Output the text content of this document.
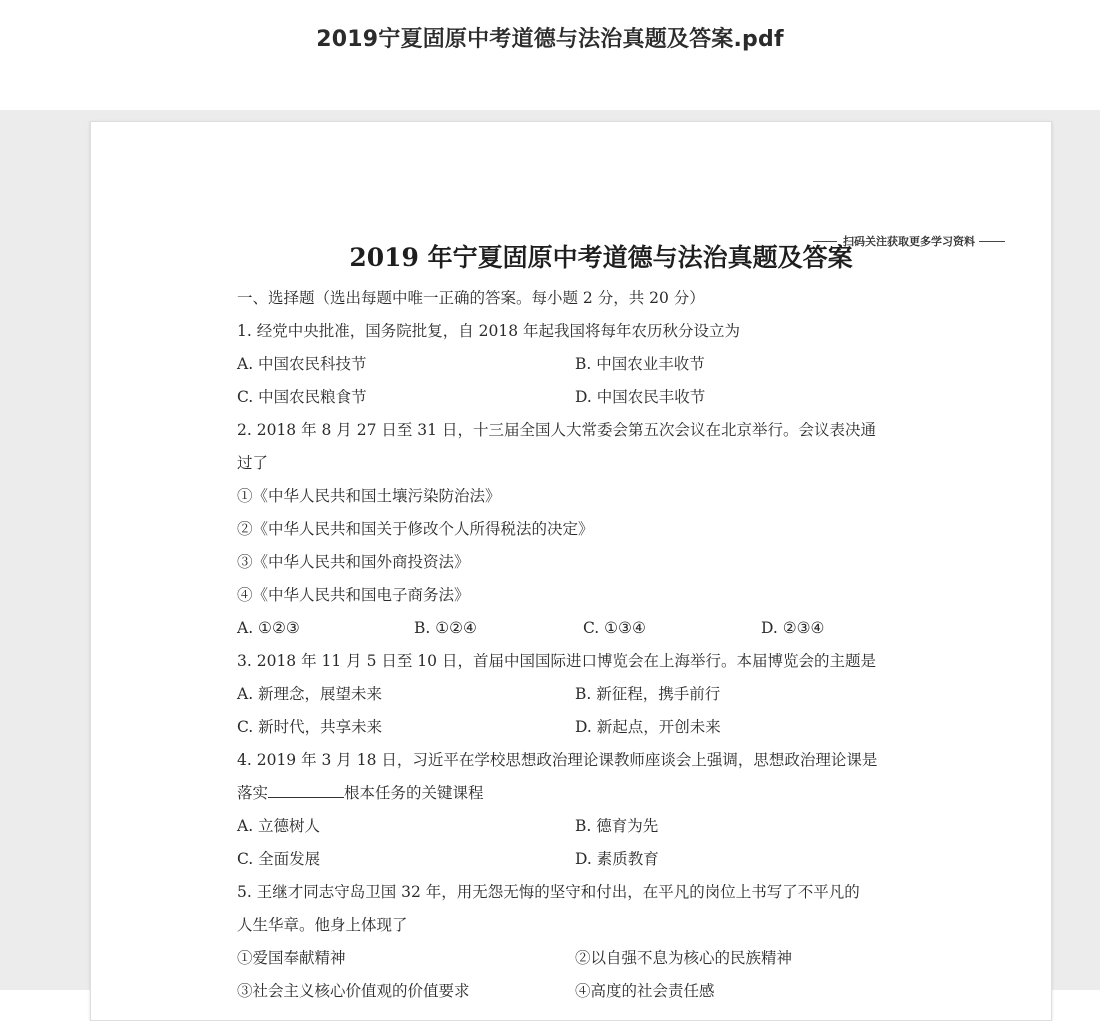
2019宁夏固原中考道德与法治真题及答案.pdf
扫码关注获取更多学习资料
2019 年宁夏固原中考道德与法治真题及答案
一、选择题（选出每题中唯一正确的答案。每小题 2 分，共 20 分）
1. 经党中央批准，国务院批复，自 2018 年起我国将每年农历秋分设立为
A. 中国农民科技节	B. 中国农业丰收节
C. 中国农民粮食节	D. 中国农民丰收节
2. 2018 年 8 月 27 日至 31 日，十三届全国人大常委会第五次会议在北京举行。会议表决通
过了
①《中华人民共和国土壤污染防治法》
②《中华人民共和国关于修改个人所得税法的决定》
③《中华人民共和国外商投资法》
④《中华人民共和国电子商务法》
A. ①②③	B. ①②④	C. ①③④	D. ②③④
3. 2018 年 11 月 5 日至 10 日，首届中国国际进口博览会在上海举行。本届博览会的主题是
A. 新理念，展望未来	B. 新征程，携手前行
C. 新时代，共享未来	D. 新起点，开创未来
4. 2019 年 3 月 18 日，习近平在学校思想政治理论课教师座谈会上强调，思想政治理论课是
落实	根本任务的关键课程
A. 立德树人	B. 德育为先
C. 全面发展	D. 素质教育
5. 王继才同志守岛卫国 32 年，用无怨无悔的坚守和付出，在平凡的岗位上书写了不平凡的
人生华章。他身上体现了
①爱国奉献精神	②以自强不息为核心的民族精神
③社会主义核心价值观的价值要求	④高度的社会责任感
